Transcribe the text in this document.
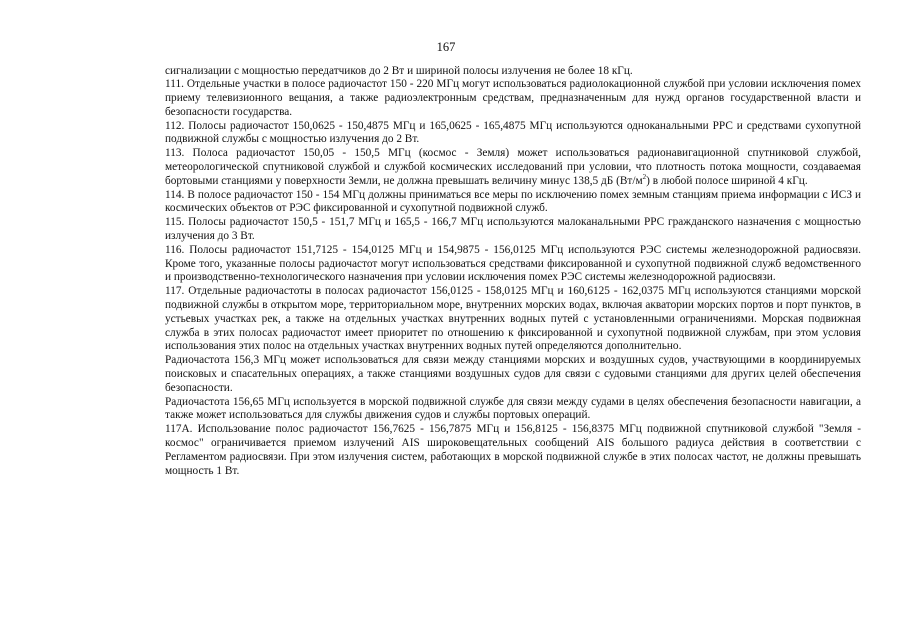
167

сигнализации с мощностью передатчиков до 2 Вт и шириной полосы излучения не более 18 кГц.

111. Отдельные участки в полосе радиочастот 150 - 220 МГц могут использоваться радиолокационной службой при условии исключения помех приему телевизионного вещания, а также радиоэлектронным средствам, предназначенным для нужд органов государственной власти и безопасности государства.

112. Полосы радиочастот 150,0625 - 150,4875 МГц и 165,0625 - 165,4875 МГц используются одноканальными РРС и средствами сухопутной подвижной службы с мощностью излучения до 2 Вт.

113. Полоса радиочастот 150,05 - 150,5 МГц (космос - Земля) может использоваться радионавигационной спутниковой службой, метеорологической спутниковой службой и службой космических исследований при условии, что плотность потока мощности, создаваемая бортовыми станциями у поверхности Земли, не должна превышать величину минус 138,5 дБ $(Вт/м^2)$ в любой полосе шириной 4 кГц.

114. В полосе радиочастот 150 - 154 МГц должны приниматься все меры по исключению помех земным станциям приема информации с ИСЗ и космических объектов от РЭС фиксированной и сухопутной подвижной служб.

115. Полосы радиочастот 150,5 - 151,7 МГц и 165,5 - 166,7 МГц используются малоканальными РРС гражданского назначения с мощностью излучения до 3 Вт.

116. Полосы радиочастот 151,7125 - 154,0125 МГц и 154,9875 - 156,0125 МГц используются РЭС системы железнодорожной радиосвязи. Кроме того, указанные полосы радиочастот могут использоваться средствами фиксированной и сухопутной подвижной служб ведомственного и производственно-технологического назначения при условии исключения помех РЭС системы железнодорожной радиосвязи.

117. Отдельные радиочастоты в полосах радиочастот 156,0125 - 158,0125 МГц и 160,6125 - 162,0375 МГц используются станциями морской подвижной службы в открытом море, территориальном море, внутренних морских водах, включая акватории морских портов и порт пунктов, в устьевых участках рек, а также на отдельных участках внутренних водных путей с установленными ограничениями. Морская подвижная служба в этих полосах радиочастот имеет приоритет по отношению к фиксированной и сухопутной подвижной службам, при этом условия использования этих полос на отдельных участках внутренних водных путей определяются дополнительно.

Радиочастота 156,3 МГц может использоваться для связи между станциями морских и воздушных судов, участвующими в координируемых поисковых и спасательных операциях, а также станциями воздушных судов для связи с судовыми станциями для других целей обеспечения безопасности.

Радиочастота 156,65 МГц используется в морской подвижной службе для связи между судами в целях обеспечения безопасности навигации, а также может использоваться для службы движения судов и службы портовых операций.

117А. Использование полос радиочастот 156,7625 - 156,7875 МГц и 156,8125 - 156,8375 МГц подвижной спутниковой службой "Земля - космос" ограничивается приемом излучений AIS широковещательных сообщений AIS большого радиуса действия в соответствии с Регламентом радиосвязи. При этом излучения систем, работающих в морской подвижной службе в этих полосах частот, не должны превышать мощность 1 Вт.
